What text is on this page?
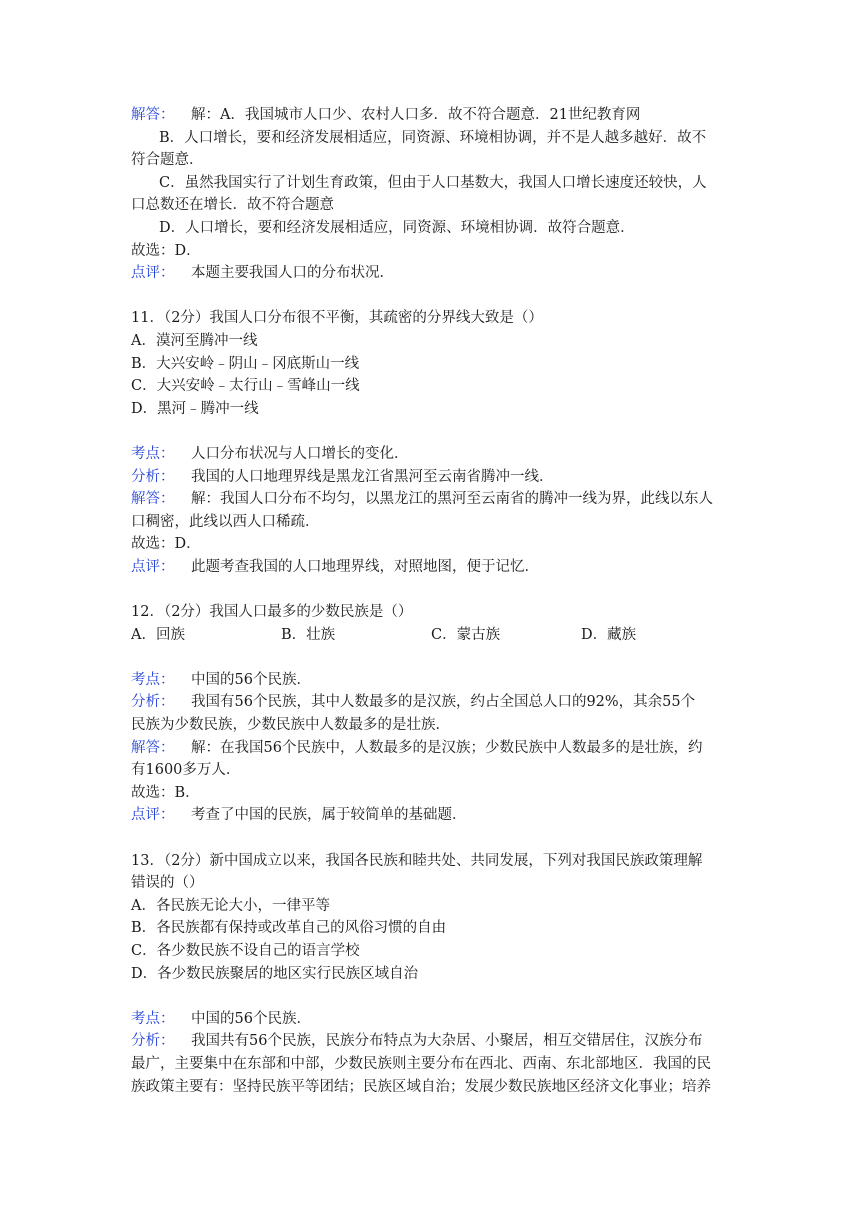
解答： 解：A．我国城市人口少、农村人口多．故不符合题意．21世纪教育网
B．人口增长，要和经济发展相适应，同资源、环境相协调，并不是人越多越好．故不
符合题意．
C．虽然我国实行了计划生育政策，但由于人口基数大，我国人口增长速度还较快，人
口总数还在增长．故不符合题意
D．人口增长，要和经济发展相适应，同资源、环境相协调．故符合题意．
故选：D．
点评： 本题主要我国人口的分布状况．
11．（2分）我国人口分布很不平衡，其疏密的分界线大致是（）
A．漠河至腾冲一线
B．大兴安岭﹣阴山﹣冈底斯山一线
C．大兴安岭﹣太行山﹣雪峰山一线
D．黑河﹣腾冲一线
考点： 人口分布状况与人口增长的变化．
分析： 我国的人口地理界线是黑龙江省黑河至云南省腾冲一线．
解答： 解：我国人口分布不均匀，以黑龙江的黑河至云南省的腾冲一线为界，此线以东人
口稠密，此线以西人口稀疏．
故选：D．
点评： 此题考查我国的人口地理界线，对照地图，便于记忆．
12．（2分）我国人口最多的少数民族是（）
A．回族	B．壮族	C．蒙古族	D．藏族
考点： 中国的56个民族．
分析： 我国有56个民族，其中人数最多的是汉族，约占全国总人口的92%，其余55个
民族为少数民族，少数民族中人数最多的是壮族．
解答： 解：在我国56个民族中，人数最多的是汉族；少数民族中人数最多的是壮族，约
有1600多万人．
故选：B．
点评： 考查了中国的民族，属于较简单的基础题．
13．（2分）新中国成立以来，我国各民族和睦共处、共同发展，下列对我国民族政策理解
错误的（）
A．各民族无论大小，一律平等
B．各民族都有保持或改革自己的风俗习惯的自由
C．各少数民族不设自己的语言学校
D．各少数民族聚居的地区实行民族区域自治
考点： 中国的56个民族．
分析： 我国共有56个民族，民族分布特点为大杂居、小聚居，相互交错居住，汉族分布
最广，主要集中在东部和中部，少数民族则主要分布在西北、西南、东北部地区．我国的民
族政策主要有：坚持民族平等团结；民族区域自治；发展少数民族地区经济文化事业；培养
